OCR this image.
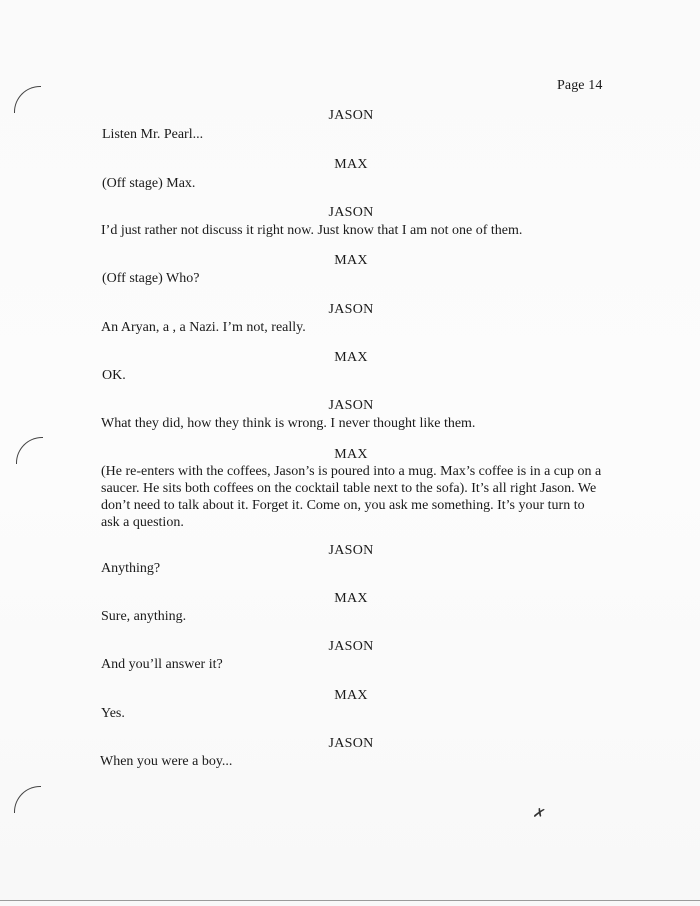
Page 14
JASON
Listen Mr. Pearl...
MAX
(Off stage) Max.
JASON
I’d just rather not discuss it right now. Just know that I am not one of them.
MAX
(Off stage) Who?
JASON
An Aryan, a , a Nazi. I’m not, really.
MAX
OK.
JASON
What they did, how they think is wrong. I never thought like them.
MAX
(He re-enters with the coffees, Jason’s is poured into a mug. Max’s coffee is in a cup on a
saucer. He sits both coffees on the cocktail table next to the sofa). It’s all right Jason. We
don’t need to talk about it. Forget it. Come on, you ask me something. It’s your turn to
ask a question.
JASON
Anything?
MAX
Sure, anything.
JASON
And you’ll answer it?
MAX
Yes.
JASON
When you were a boy...
✗
